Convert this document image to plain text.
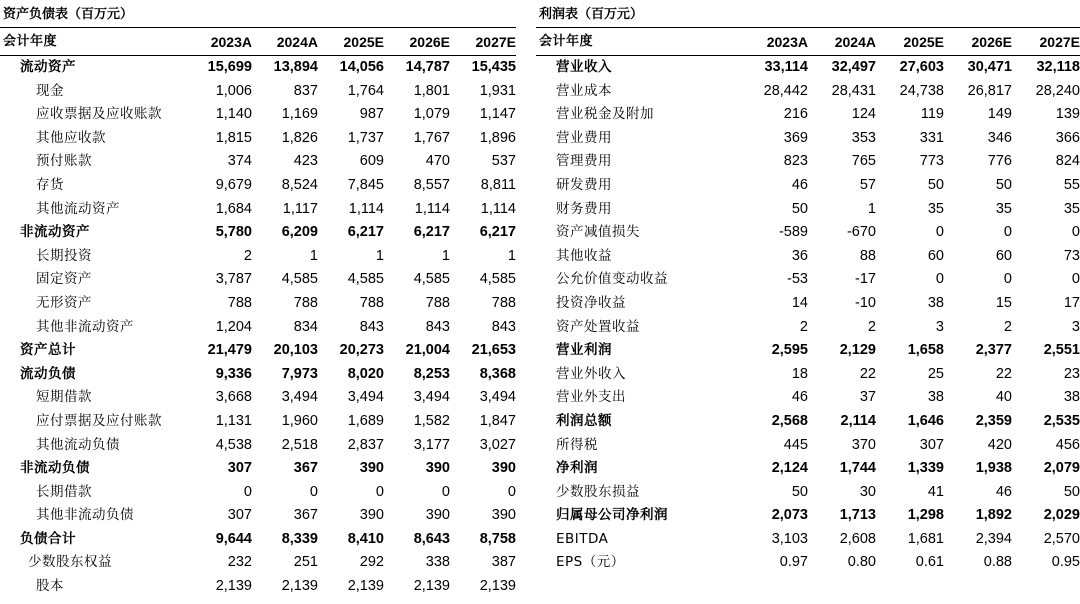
资产负债表（百万元）
会计年度	2023A	2024A	2025E	2026E	2027E
流动资产	15,699	13,894	14,056	14,787	15,435
现金	1,006	837	1,764	1,801	1,931
应收票据及应收账款	1,140	1,169	987	1,079	1,147
其他应收款	1,815	1,826	1,737	1,767	1,896
预付账款	374	423	609	470	537
存货	9,679	8,524	7,845	8,557	8,811
其他流动资产	1,684	1,117	1,114	1,114	1,114
非流动资产	5,780	6,209	6,217	6,217	6,217
长期投资	2	1	1	1	1
固定资产	3,787	4,585	4,585	4,585	4,585
无形资产	788	788	788	788	788
其他非流动资产	1,204	834	843	843	843
资产总计	21,479	20,103	20,273	21,004	21,653
流动负债	9,336	7,973	8,020	8,253	8,368
短期借款	3,668	3,494	3,494	3,494	3,494
应付票据及应付账款	1,131	1,960	1,689	1,582	1,847
其他流动负债	4,538	2,518	2,837	3,177	3,027
非流动负债	307	367	390	390	390
长期借款	0	0	0	0	0
其他非流动负债	307	367	390	390	390
负债合计	9,644	8,339	8,410	8,643	8,758
少数股东权益	232	251	292	338	387
股本	2,139	2,139	2,139	2,139	2,139
利润表（百万元）
会计年度	2023A	2024A	2025E	2026E	2027E
营业收入	33,114	32,497	27,603	30,471	32,118
营业成本	28,442	28,431	24,738	26,817	28,240
营业税金及附加	216	124	119	149	139
营业费用	369	353	331	346	366
管理费用	823	765	773	776	824
研发费用	46	57	50	50	55
财务费用	50	1	35	35	35
资产减值损失	-589	-670	0	0	0
其他收益	36	88	60	60	73
公允价值变动收益	-53	-17	0	0	0
投资净收益	14	-10	38	15	17
资产处置收益	2	2	3	2	3
营业利润	2,595	2,129	1,658	2,377	2,551
营业外收入	18	22	25	22	23
营业外支出	46	37	38	40	38
利润总额	2,568	2,114	1,646	2,359	2,535
所得税	445	370	307	420	456
净利润	2,124	1,744	1,339	1,938	2,079
少数股东损益	50	30	41	46	50
归属母公司净利润	2,073	1,713	1,298	1,892	2,029
EBITDA	3,103	2,608	1,681	2,394	2,570
EPS（元）	0.97	0.80	0.61	0.88	0.95
